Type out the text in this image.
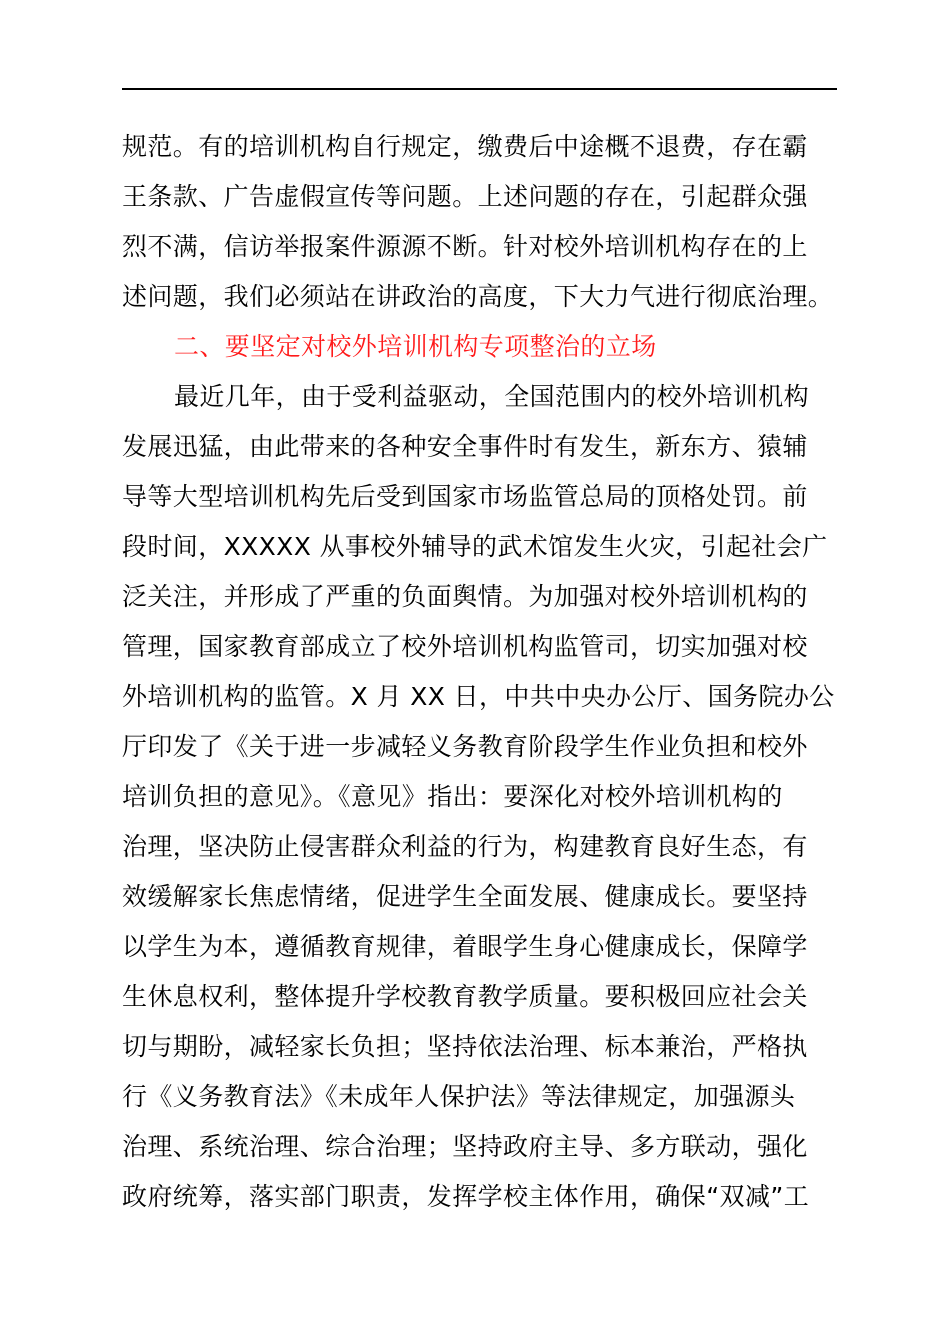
规范。有的培训机构自行规定，缴费后中途概不退费，存在霸
王条款、广告虚假宣传等问题。上述问题的存在，引起群众强
烈不满，信访举报案件源源不断。针对校外培训机构存在的上
述问题，我们必须站在讲政治的高度，下大力气进行彻底治理。
二、要坚定对校外培训机构专项整治的立场
最近几年，由于受利益驱动，全国范围内的校外培训机构
发展迅猛，由此带来的各种安全事件时有发生，新东方、猿辅
导等大型培训机构先后受到国家市场监管总局的顶格处罚。前
段时间，XXXXX 从事校外辅导的武术馆发生火灾，引起社会广
泛关注，并形成了严重的负面舆情。为加强对校外培训机构的
管理，国家教育部成立了校外培训机构监管司，切实加强对校
外培训机构的监管。X 月 XX 日，中共中央办公厅、国务院办公
厅印发了《关于进一步减轻义务教育阶段学生作业负担和校外
培训负担的意见》。《意见》指出：要深化对校外培训机构的
治理，坚决防止侵害群众利益的行为，构建教育良好生态，有
效缓解家长焦虑情绪，促进学生全面发展、健康成长。要坚持
以学生为本，遵循教育规律，着眼学生身心健康成长，保障学
生休息权利，整体提升学校教育教学质量。要积极回应社会关
切与期盼，减轻家长负担；坚持依法治理、标本兼治，严格执
行《义务教育法》《未成年人保护法》等法律规定，加强源头
治理、系统治理、综合治理；坚持政府主导、多方联动，强化
政府统筹，落实部门职责，发挥学校主体作用，确保“双减”工
